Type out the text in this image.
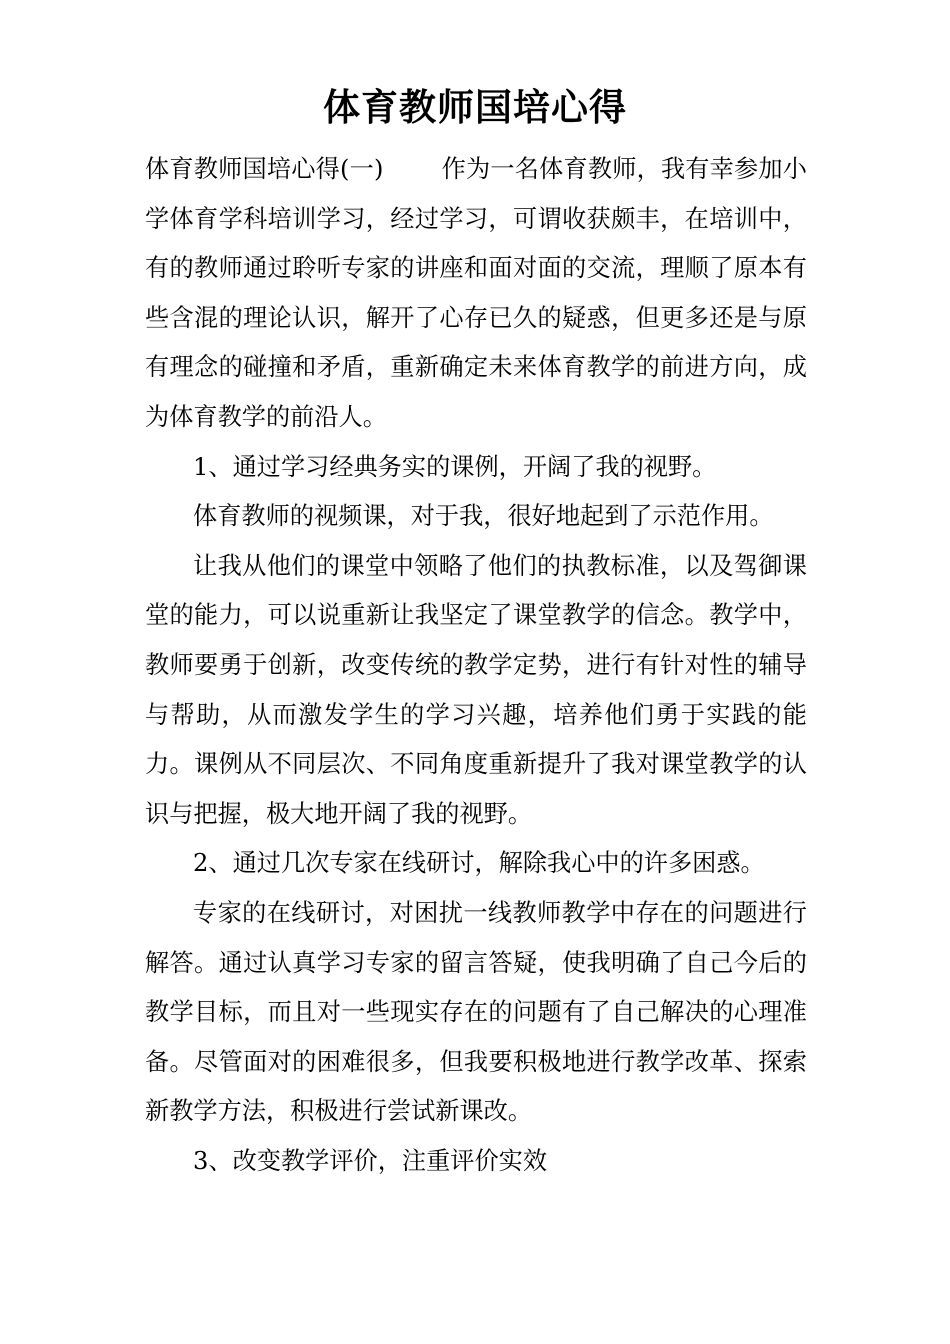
体育教师国培心得

体育教师国培心得(一) 作为一名体育教师，我有幸参加小学体育学科培训学习，经过学习，可谓收获颇丰，在培训中，有的教师通过聆听专家的讲座和面对面的交流，理顺了原本有些含混的理论认识，解开了心存已久的疑惑，但更多还是与原有理念的碰撞和矛盾，重新确定未来体育教学的前进方向，成为体育教学的前沿人。

1、通过学习经典务实的课例，开阔了我的视野。

体育教师的视频课，对于我，很好地起到了示范作用。

让我从他们的课堂中领略了他们的执教标准，以及驾御课堂的能力，可以说重新让我坚定了课堂教学的信念。教学中，教师要勇于创新，改变传统的教学定势，进行有针对性的辅导与帮助，从而激发学生的学习兴趣，培养他们勇于实践的能力。课例从不同层次、不同角度重新提升了我对课堂教学的认识与把握，极大地开阔了我的视野。

2、通过几次专家在线研讨，解除我心中的许多困惑。

专家的在线研讨，对困扰一线教师教学中存在的问题进行解答。通过认真学习专家的留言答疑，使我明确了自己今后的教学目标，而且对一些现实存在的问题有了自己解决的心理准备。尽管面对的困难很多，但我要积极地进行教学改革、探索新教学方法，积极进行尝试新课改。

3、改变教学评价，注重评价实效
